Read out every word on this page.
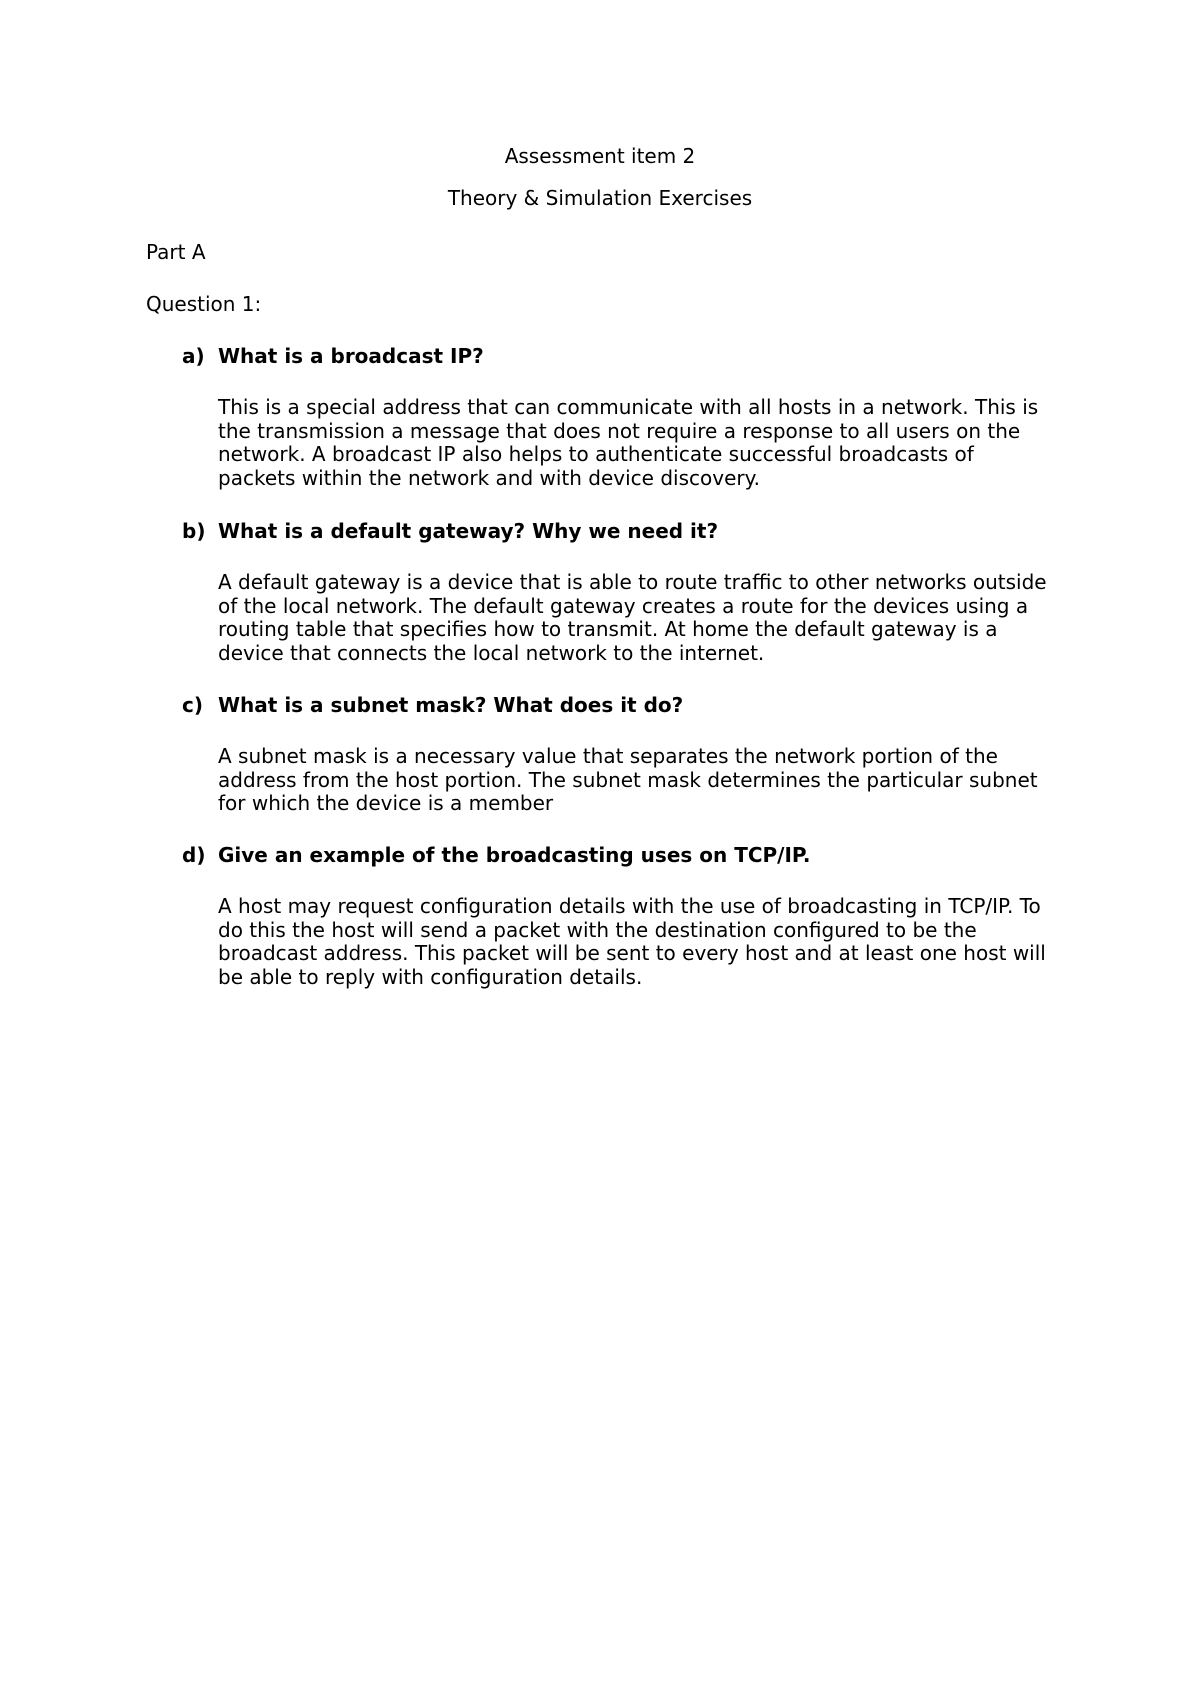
Assessment item 2
Theory & Simulation Exercises
Part A
Question 1:
a) What is a broadcast IP?
This is a special address that can communicate with all hosts in a network. This is
the transmission a message that does not require a response to all users on the
network. A broadcast IP also helps to authenticate successful broadcasts of
packets within the network and with device discovery.
b) What is a default gateway? Why we need it?
A default gateway is a device that is able to route traffic to other networks outside
of the local network. The default gateway creates a route for the devices using a
routing table that specifies how to transmit. At home the default gateway is a
device that connects the local network to the internet.
c) What is a subnet mask? What does it do?
A subnet mask is a necessary value that separates the network portion of the
address from the host portion. The subnet mask determines the particular subnet
for which the device is a member
d) Give an example of the broadcasting uses on TCP/IP.
A host may request configuration details with the use of broadcasting in TCP/IP. To
do this the host will send a packet with the destination configured to be the
broadcast address. This packet will be sent to every host and at least one host will
be able to reply with configuration details.
